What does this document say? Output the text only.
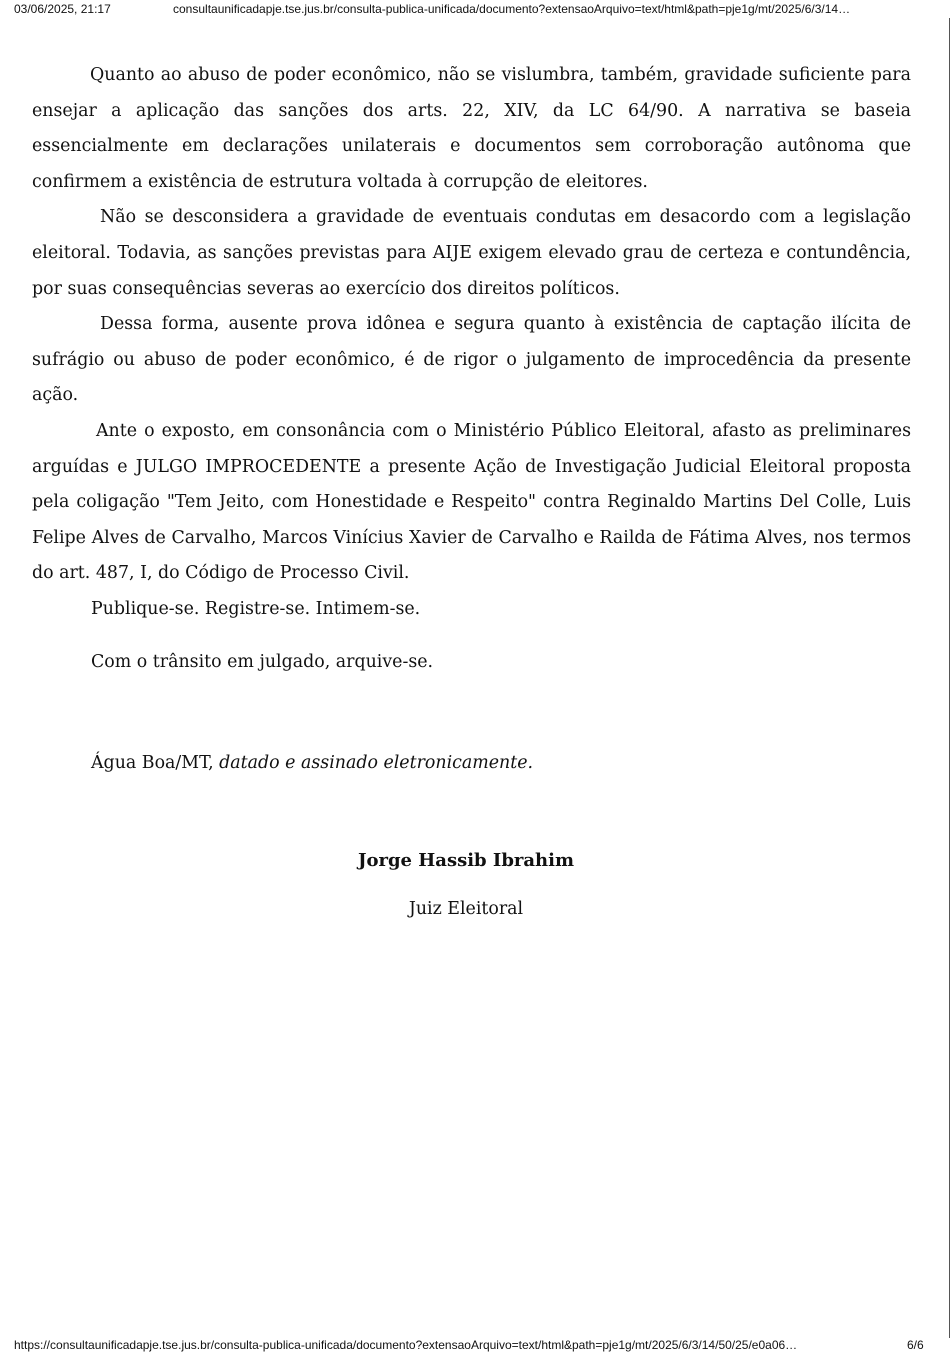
03/06/2025, 21:17	consultaunificadapje.tse.jus.br/consulta-publica-unificada/documento?extensaoArquivo=text/html&path=pje1g/mt/2025/6/3/14…

Quanto ao abuso de poder econômico, não se vislumbra, também, gravidade suficiente para ensejar a aplicação das sanções dos arts. 22, XIV, da LC 64/90. A narrativa se baseia essencialmente em declarações unilaterais e documentos sem corroboração autônoma que confirmem a existência de estrutura voltada à corrupção de eleitores.

Não se desconsidera a gravidade de eventuais condutas em desacordo com a legislação eleitoral. Todavia, as sanções previstas para AIJE exigem elevado grau de certeza e contundência, por suas consequências severas ao exercício dos direitos políticos.

Dessa forma, ausente prova idônea e segura quanto à existência de captação ilícita de sufrágio ou abuso de poder econômico, é de rigor o julgamento de improcedência da presente ação.

Ante o exposto, em consonância com o Ministério Público Eleitoral, afasto as preliminares arguídas e JULGO IMPROCEDENTE a presente Ação de Investigação Judicial Eleitoral proposta pela coligação "Tem Jeito, com Honestidade e Respeito" contra Reginaldo Martins Del Colle, Luis Felipe Alves de Carvalho, Marcos Vinícius Xavier de Carvalho e Railda de Fátima Alves, nos termos do art. 487, I, do Código de Processo Civil.

Publique-se. Registre-se. Intimem-se.
Com o trânsito em julgado, arquive-se.
Água Boa/MT, datado e assinado eletronicamente.
Jorge Hassib Ibrahim
Juiz Eleitoral
https://consultaunificadapje.tse.jus.br/consulta-publica-unificada/documento?extensaoArquivo=text/html&path=pje1g/mt/2025/6/3/14/50/25/e0a06…	6/6
